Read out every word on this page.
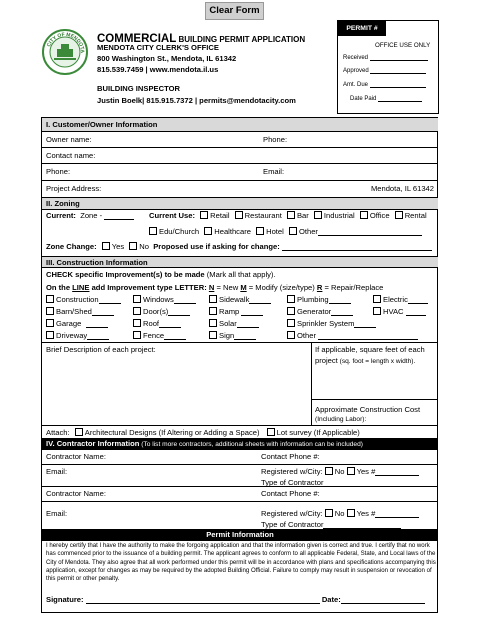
Clear Form
CITY OF MENDOTA
COMMERCIAL BUILDING PERMIT APPLICATION
MENDOTA CITY CLERK'S OFFICE
800 Washington St., Mendota, IL 61342
815.539.7459 | www.mendota.il.us
BUILDING INSPECTOR
Justin Boelk| 815.915.7372 | permits@mendotacity.com
PERMIT #
OFFICE USE ONLY
Received
Approved
Amt. Due
Date Paid
I. Customer/Owner Information
Owner name:	Phone:
Contact name:
Phone:	Email:
Project Address:	Mendota, IL 61342
II. Zoning
Current: Zone -	Current Use: Retail Restaurant Bar Industrial Office Rental
Edu/Church Healthcare Hotel Other
Zone Change: Yes No Proposed use if asking for change:
III. Construction Information
CHECK specific Improvement(s) to be made (Mark all that apply).
On the LINE add Improvement type LETTER: N = New M = Modify (size/type) R = Repair/Replace
Construction	Windows	Sidewalk	Plumbing	Electric
Barn/Shed	Door(s)	Ramp	Generator	HVAC
Garage	Roof	Solar	Sprinkler System
Driveway	Fence	Sign	Other
Brief Description of each project:	If applicable, square feet of each
project (sq. foot = length x width).
Approximate Construction Cost
(Including Labor):
Attach: Architectural Designs (If Altering or Adding a Space) Lot survey (If Applicable)
IV. Contractor Information (To list more contractors, additional sheets with information can be included)
Contractor Name:	Contact Phone #:
Email:	Registered w/City: No Yes #
Type of Contractor
Contractor Name:	Contact Phone #:
Email:	Registered w/City: No Yes #
Type of Contractor
Permit Information
I hereby certify that I have the authority to make the forgoing application and that the information given is correct and true. I certify that no work has commenced prior to the issuance of a building permit. The applicant agrees to conform to all applicable Federal, State, and Local laws of the City of Mendota. They also agree that all work performed under this permit will be in accordance with plans and specifications accompanying this application, except for changes as may be required by the adopted Building Official. Failure to comply may result in suspension or revocation of this permit or other penalty.
Signature:	Date:
